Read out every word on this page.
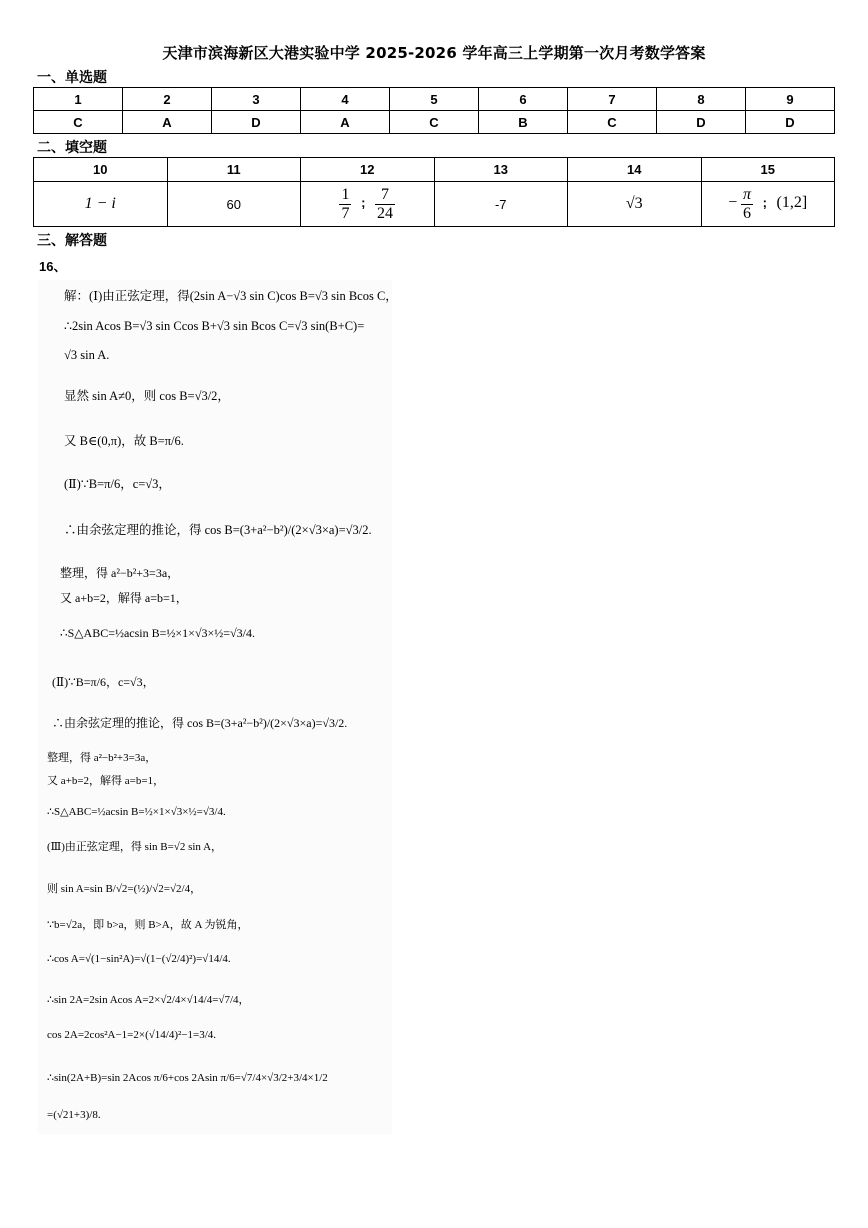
天津市滨海新区大港实验中学 2025-2026 学年高三上学期第一次月考数学答案
一、单选题
1	2	3	4	5	6	7	8	9
C	A	D	A	C	B	C	D	D
二、填空题
10	11	12	13	14	15
1 − i	60	$\frac{1}{7}$ ; $\frac{7}{24}$	-7	√3	− $\frac{\pi}{6}$ ; (1,2]
三、解答题
16、
解：(Ⅰ)由正弦定理，得(2sin A−√3 sin C)cos B=√3 sin Bcos C，
∴2sin Acos B=√3 sin Ccos B+√3 sin Bcos C=√3 sin(B+C)=
√3 sin A.
显然 sin A≠0，则 cos B=√3/2，
又 B∈(0,π)，故 B=π/6.
(Ⅱ)∵B=π/6，c=√3，
∴由余弦定理的推论，得 cos B=(3+a²−b²)/(2×√3×a)=√3/2.
整理，得 a²−b²+3=3a，
又 a+b=2，解得 a=b=1，
∴S△ABC=½acsin B=½×1×√3×½=√3/4.
(Ⅱ)∵B=π/6，c=√3，
∴由余弦定理的推论，得 cos B=(3+a²−b²)/(2×√3×a)=√3/2.
整理，得 a²−b²+3=3a，
又 a+b=2，解得 a=b=1，
∴S△ABC=½acsin B=½×1×√3×½=√3/4.
(Ⅲ)由正弦定理，得 sin B=√2 sin A，
则 sin A=sin B/√2=(½)/√2=√2/4，
∵b=√2a，即 b>a，则 B>A，故 A 为锐角，
∴cos A=√(1−sin²A)=√(1−(√2/4)²)=√14/4.
∴sin 2A=2sin Acos A=2×√2/4×√14/4=√7/4，
cos 2A=2cos²A−1=2×(√14/4)²−1=3/4.
∴sin(2A+B)=sin 2Acos π/6+cos 2Asin π/6=√7/4×√3/2+3/4×1/2
=(√21+3)/8.
